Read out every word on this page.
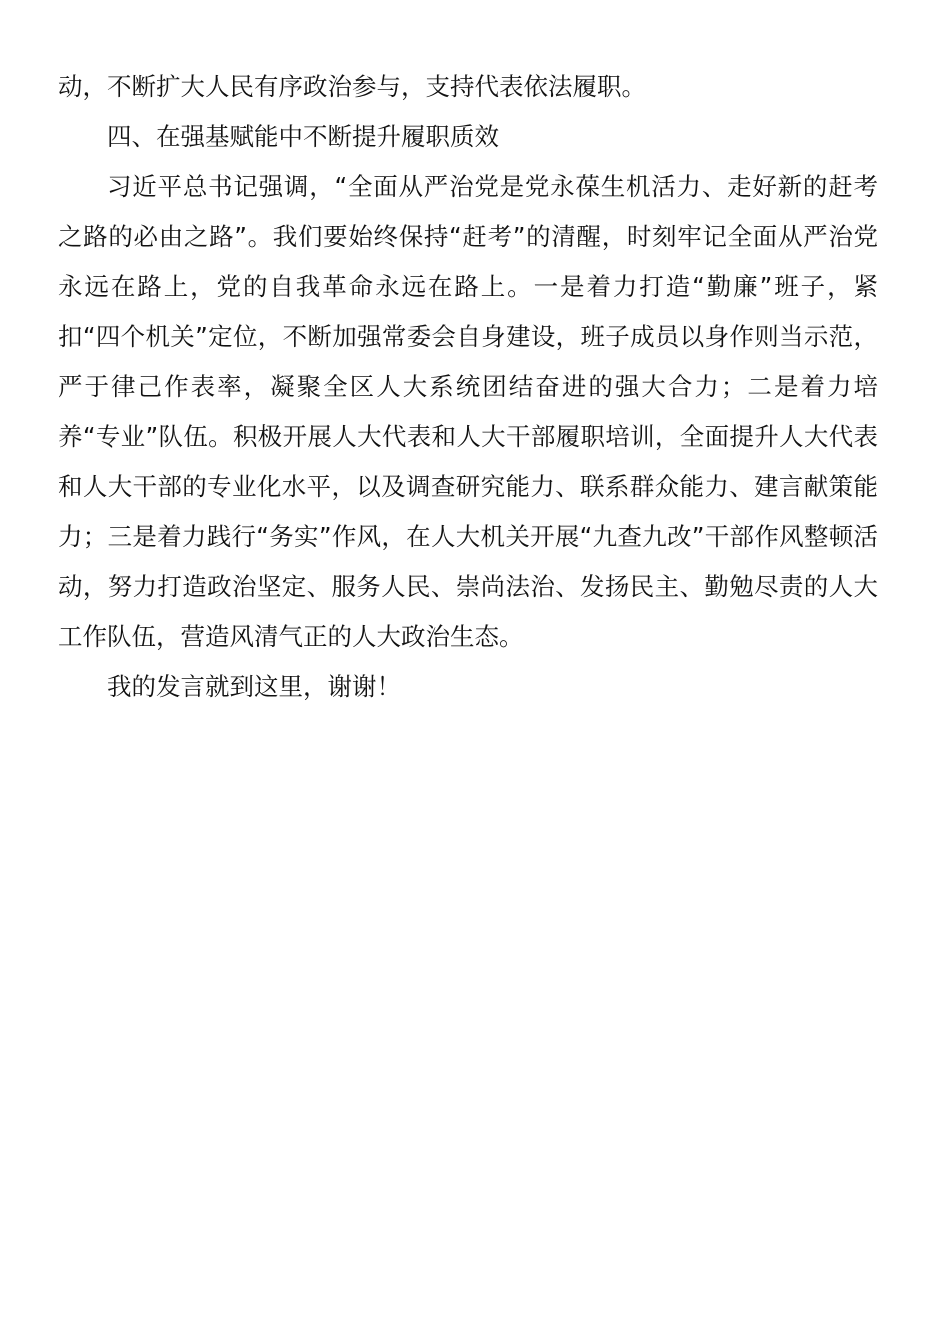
动，不断扩大人民有序政治参与，支持代表依法履职。

四、在强基赋能中不断提升履职质效

习近平总书记强调，“全面从严治党是党永葆生机活力、走好新的赶考之路的必由之路”。我们要始终保持“赶考”的清醒，时刻牢记全面从严治党永远在路上，党的自我革命永远在路上。一是着力打造“勤廉”班子，紧扣“四个机关”定位，不断加强常委会自身建设，班子成员以身作则当示范，严于律己作表率，凝聚全区人大系统团结奋进的强大合力；二是着力培养“专业”队伍。积极开展人大代表和人大干部履职培训，全面提升人大代表和人大干部的专业化水平，以及调查研究能力、联系群众能力、建言献策能力；三是着力践行“务实”作风，在人大机关开展“九查九改”干部作风整顿活动，努力打造政治坚定、服务人民、崇尚法治、发扬民主、勤勉尽责的人大工作队伍，营造风清气正的人大政治生态。

我的发言就到这里，谢谢！
